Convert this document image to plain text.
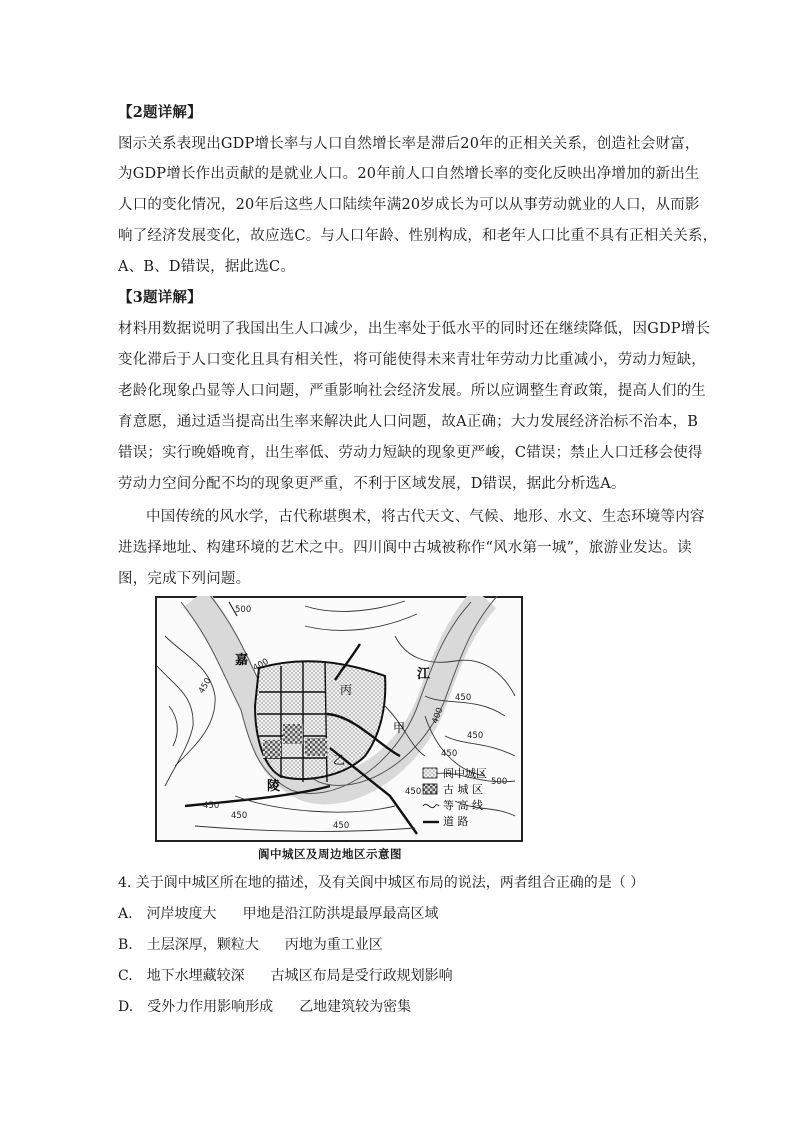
【2题详解】
图示关系表现出GDP增长率与人口自然增长率是滞后20年的正相关关系，创造社会财富，
为GDP增长作出贡献的是就业人口。20年前人口自然增长率的变化反映出净增加的新出生
人口的变化情况，20年后这些人口陆续年满20岁成长为可以从事劳动就业的人口，从而影
响了经济发展变化，故应选C。与人口年龄、性别构成，和老年人口比重不具有正相关关系，
A、B、D错误，据此选C。
【3题详解】
材料用数据说明了我国出生人口减少，出生率处于低水平的同时还在继续降低，因GDP增长
变化滞后于人口变化且具有相关性，将可能使得未来青壮年劳动力比重减小，劳动力短缺，
老龄化现象凸显等人口问题，严重影响社会经济发展。所以应调整生育政策，提高人们的生
育意愿，通过适当提高出生率来解决此人口问题，故A正确；大力发展经济治标不治本，B
错误；实行晚婚晚育，出生率低、劳动力短缺的现象更严峻，C错误；禁止人口迁移会使得
劳动力空间分配不均的现象更严重，不利于区域发展，D错误，据此分析选A。
中国传统的风水学，古代称堪舆术，将古代天文、气候、地形、水文、生态环境等内容
进选择地址、构建环境的艺术之中。四川阆中古城被称作“风水第一城”，旅游业发达。读
图，完成下列问题。
嘉
陵
江
丙
甲
乙
500
450
400
450
450
400
450
500
450
450
450
450
阆中城区
古 城 区
等 高 线
道 路
阆中城区及周边地区示意图
4. 关于阆中城区所在地的描述，及有关阆中城区布局的说法，两者组合正确的是（ ）
A. 河岸坡度大 甲地是沿江防洪堤最厚最高区域
B. 土层深厚，颗粒大 丙地为重工业区
C. 地下水埋藏较深 古城区布局是受行政规划影响
D. 受外力作用影响形成 乙地建筑较为密集
